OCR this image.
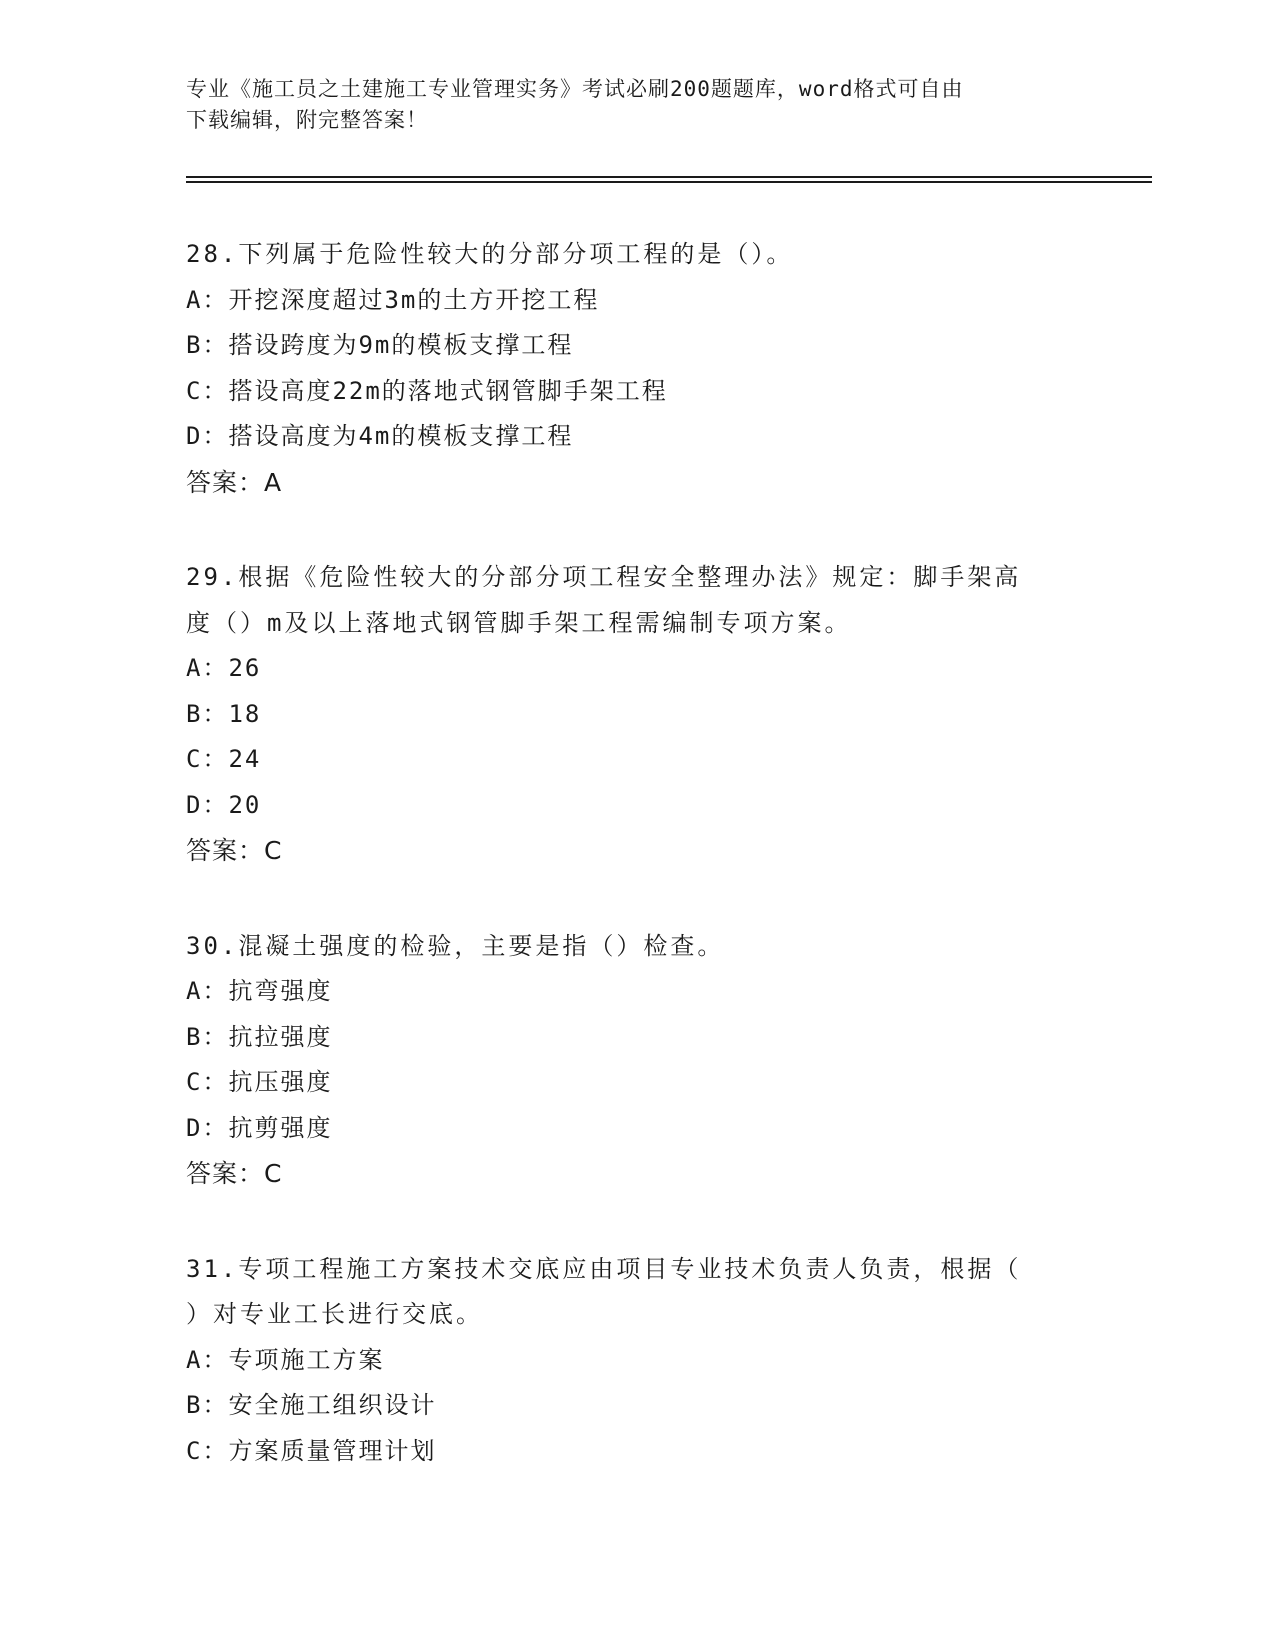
专业《施工员之土建施工专业管理实务》考试必刷200题题库，word格式可自由

下载编辑，附完整答案！

28.下列属于危险性较大的分部分项工程的是（）。
A：开挖深度超过3m的土方开挖工程
B：搭设跨度为9m的模板支撑工程
C：搭设高度22m的落地式钢管脚手架工程
D：搭设高度为4m的模板支撑工程
答案：A
29.根据《危险性较大的分部分项工程安全整理办法》规定：脚手架高
度（）m及以上落地式钢管脚手架工程需编制专项方案。
A：26
B：18
C：24
D：20
答案：C
30.混凝土强度的检验，主要是指（）检查。
A：抗弯强度
B：抗拉强度
C：抗压强度
D：抗剪强度
答案：C
31.专项工程施工方案技术交底应由项目专业技术负责人负责，根据（
）对专业工长进行交底。
A：专项施工方案
B：安全施工组织设计
C：方案质量管理计划
